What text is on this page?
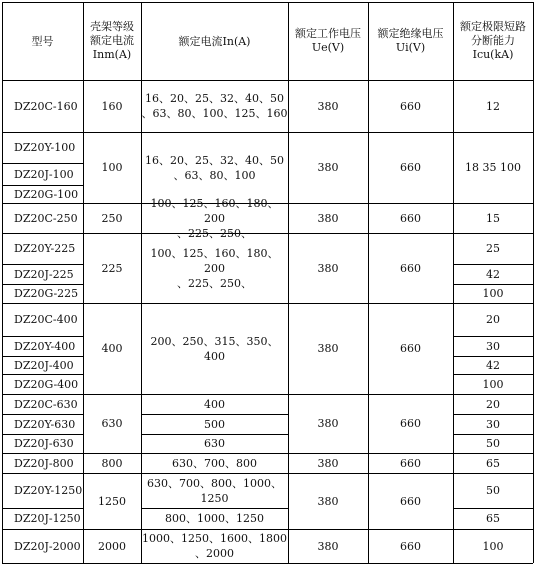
型号
壳架等级
额定电流
Inm(A)
额定电流In(A)
额定工作电压
Ue(V)
额定绝缘电压
Ui(V)
额定极限短路
分断能力
Icu(kA)
DZ20C-160
DZ20Y-100
DZ20J-100
DZ20G-100
DZ20C-250
DZ20Y-225
DZ20J-225
DZ20G-225
DZ20C-400
DZ20Y-400
DZ20J-400
DZ20G-400
DZ20C-630
DZ20Y-630
DZ20J-630
DZ20J-800
DZ20Y-1250
DZ20J-1250
DZ20J-2000
160
100
250
225
400
630
800
1250
2000
16、20、25、32、40、50
、63、80、100、125、160
16、20、25、32、40、50
、63、80、100
100、125、160、180、200
、225、250、
100、125、160、180、200
、225、250、
200、250、315、350、400
400
500
630
630、700、800
630、700、800、1000、
1250
800、1000、1250
1000、1250、1600、1800
、2000
380
380
380
380
380
380
380
380
380
660
660
660
660
660
660
660
660
660
12
18 35 100
15
25
42
100
20
30
42
100
20
30
50
65
50
65
100
